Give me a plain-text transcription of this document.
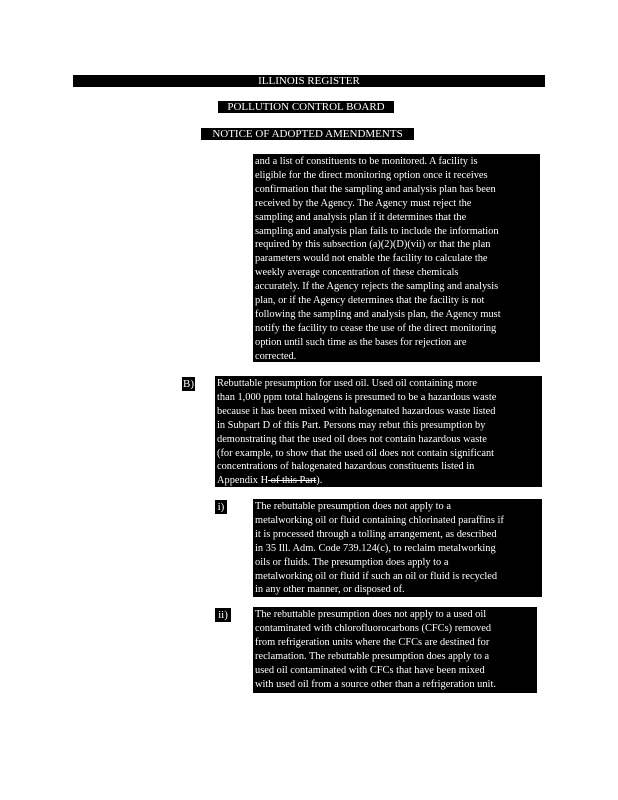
ILLINOIS REGISTER
POLLUTION CONTROL BOARD
NOTICE OF ADOPTED AMENDMENTS
and a list of constituents to be monitored. A facility is
eligible for the direct monitoring option once it receives
confirmation that the sampling and analysis plan has been
received by the Agency. The Agency must reject the
sampling and analysis plan if it determines that the
sampling and analysis plan fails to include the information
required by this subsection (a)(2)(D)(vii) or that the plan
parameters would not enable the facility to calculate the
weekly average concentration of these chemicals
accurately. If the Agency rejects the sampling and analysis
plan, or if the Agency determines that the facility is not
following the sampling and analysis plan, the Agency must
notify the facility to cease the use of the direct monitoring
option until such time as the bases for rejection are
corrected.
B) Rebuttable presumption for used oil. Used oil containing more
than 1,000 ppm total halogens is presumed to be a hazardous waste
because it has been mixed with halogenated hazardous waste listed
in Subpart D of this Part. Persons may rebut this presumption by
demonstrating that the used oil does not contain hazardous waste
(for example, to show that the used oil does not contain significant
concentrations of halogenated hazardous constituents listed in
Appendix H of this Part).
i)	The rebuttable presumption does not apply to a
metalworking oil or fluid containing chlorinated paraffins if
it is processed through a tolling arrangement, as described
in 35 Ill. Adm. Code 739.124(c), to reclaim metalworking
oils or fluids. The presumption does apply to a
metalworking oil or fluid if such an oil or fluid is recycled
in any other manner, or disposed of.
ii)	The rebuttable presumption does not apply to a used oil
contaminated with chlorofluorocarbons (CFCs) removed
from refrigeration units where the CFCs are destined for
reclamation. The rebuttable presumption does apply to a
used oil contaminated with CFCs that have been mixed
with used oil from a source other than a refrigeration unit.
